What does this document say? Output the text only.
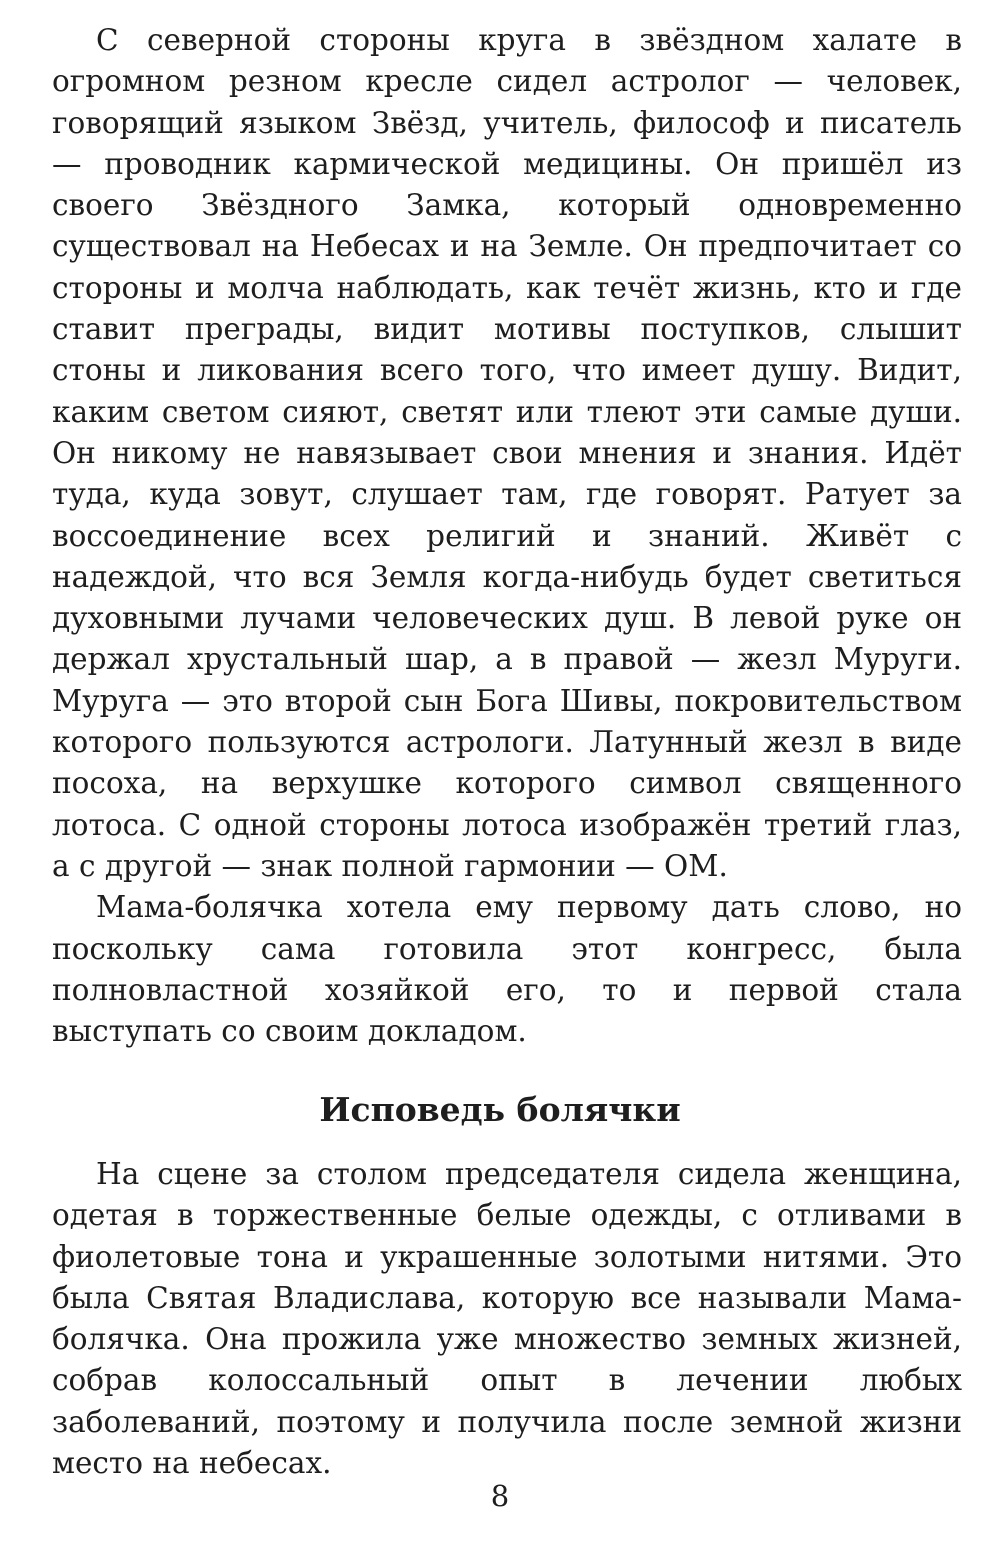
С северной стороны круга в звёздном халате в огромном резном кресле сидел астролог — человек, говорящий языком Звёзд, учитель, философ и писатель — проводник кармической медицины. Он пришёл из своего Звёздного Замка, который одновременно существовал на Небесах и на Земле. Он предпочитает со стороны и молча наблюдать, как течёт жизнь, кто и где ставит преграды, видит мотивы поступков, слышит стоны и ликования всего того, что имеет душу. Видит, каким светом сияют, светят или тлеют эти самые души. Он никому не навязывает свои мнения и знания. Идёт туда, куда зовут, слушает там, где говорят. Ратует за воссоединение всех религий и знаний. Живёт с надеждой, что вся Земля когда-нибудь будет светиться духовными лучами человеческих душ. В левой руке он держал хрустальный шар, а в правой — жезл Муруги. Муруга — это второй сын Бога Шивы, покровительством которого пользуются астрологи. Латунный жезл в виде посоха, на верхушке которого символ священного лотоса. С одной стороны лотоса изображён третий глаз, а с другой — знак полной гармонии — ОМ.

Мама-болячка хотела ему первому дать слово, но поскольку сама готовила этот конгресс, была полновластной хозяйкой его, то и первой стала выступать со своим докладом.

Исповедь болячки

На сцене за столом председателя сидела женщина, одетая в торжественные белые одежды, с отливами в фиолетовые тона и украшенные золотыми нитями. Это была Святая Владислава, которую все называли Мама-болячка. Она прожила уже множество земных жизней, собрав колоссальный опыт в лечении любых заболеваний, поэтому и получила после земной жизни место на небесах.

8
